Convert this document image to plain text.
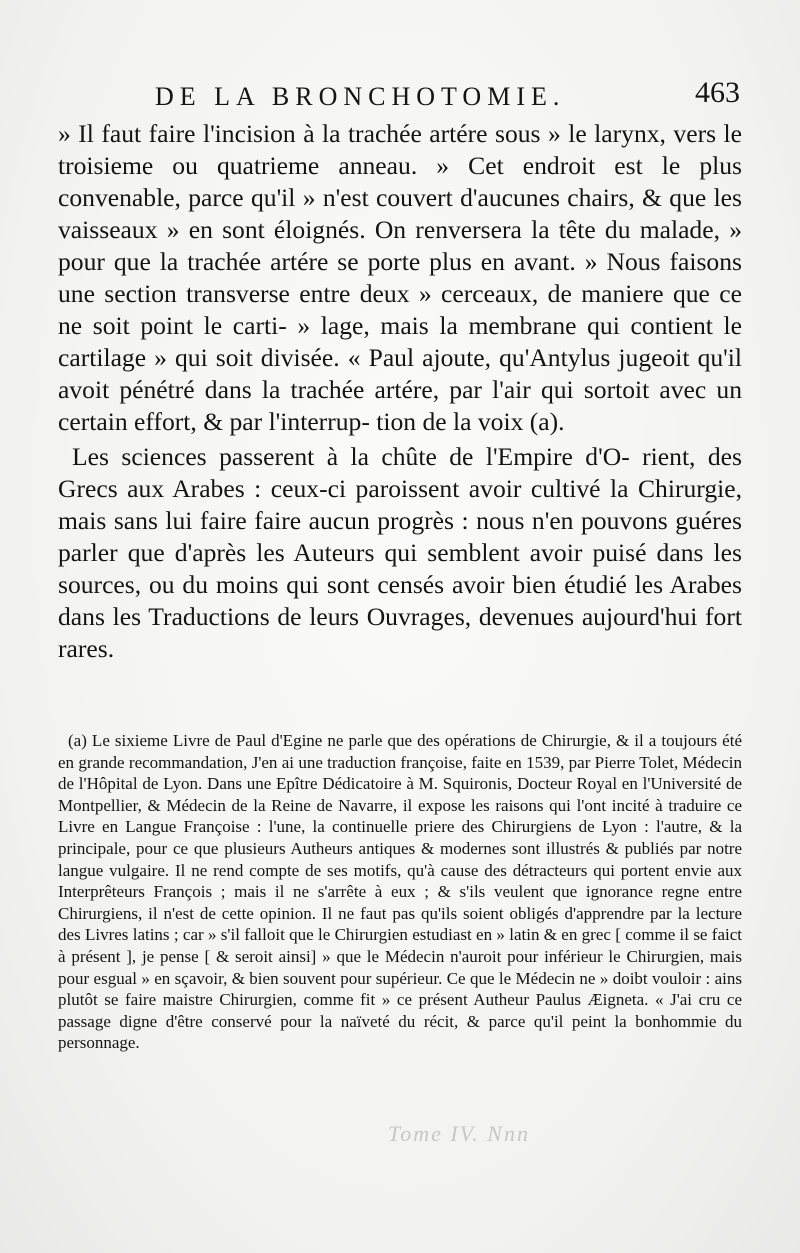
DE LA BRONCHOTOMIE.	463

» Il faut faire l'incision à la trachée artére sous » le larynx, vers le troisieme ou quatrieme anneau. » Cet endroit est le plus convenable, parce qu'il » n'est couvert d'aucunes chairs, & que les vaisseaux » en sont éloignés. On renversera la tête du malade, » pour que la trachée artére se porte plus en avant. » Nous faisons une section transverse entre deux » cerceaux, de maniere que ce ne soit point le carti- » lage, mais la membrane qui contient le cartilage » qui soit divisée. « Paul ajoute, qu'Antylus jugeoit qu'il avoit pénétré dans la trachée artére, par l'air qui sortoit avec un certain effort, & par l'interrup- tion de la voix (a).

Les sciences passerent à la chûte de l'Empire d'O- rient, des Grecs aux Arabes : ceux-ci paroissent avoir cultivé la Chirurgie, mais sans lui faire faire aucun progrès : nous n'en pouvons guéres parler que d'après les Auteurs qui semblent avoir puisé dans les sources, ou du moins qui sont censés avoir bien étudié les Arabes dans les Traductions de leurs Ouvrages, devenues aujourd'hui fort rares.

(a) Le sixieme Livre de Paul d'Egine ne parle que des opérations de Chirurgie, & il a toujours été en grande recommandation, J'en ai une traduction françoise, faite en 1539, par Pierre Tolet, Médecin de l'Hôpital de Lyon. Dans une Epître Dédicatoire à M. Squironis, Docteur Royal en l'Université de Montpellier, & Médecin de la Reine de Navarre, il expose les raisons qui l'ont incité à traduire ce Livre en Langue Françoise : l'une, la continuelle priere des Chirurgiens de Lyon : l'autre, & la principale, pour ce que plusieurs Autheurs antiques & modernes sont illustrés & publiés par notre langue vulgaire. Il ne rend compte de ses motifs, qu'à cause des détracteurs qui portent envie aux Interprêteurs François ; mais il ne s'arrête à eux ; & s'ils veulent que ignorance regne entre Chirurgiens, il n'est de cette opinion. Il ne faut pas qu'ils soient obligés d'apprendre par la lecture des Livres latins ; car » s'il falloit que le Chirurgien estudiast en » latin & en grec [ comme il se faict à présent ], je pense [ & seroit ainsi] » que le Médecin n'auroit pour inférieur le Chirurgien, mais pour esgual » en sçavoir, & bien souvent pour supérieur. Ce que le Médecin ne » doibt vouloir : ains plutôt se faire maistre Chirurgien, comme fit » ce présent Autheur Paulus Æigneta. « J'ai cru ce passage digne d'être conservé pour la naïveté du récit, & parce qu'il peint la bonhommie du personnage.

Tome IV. Nnn
